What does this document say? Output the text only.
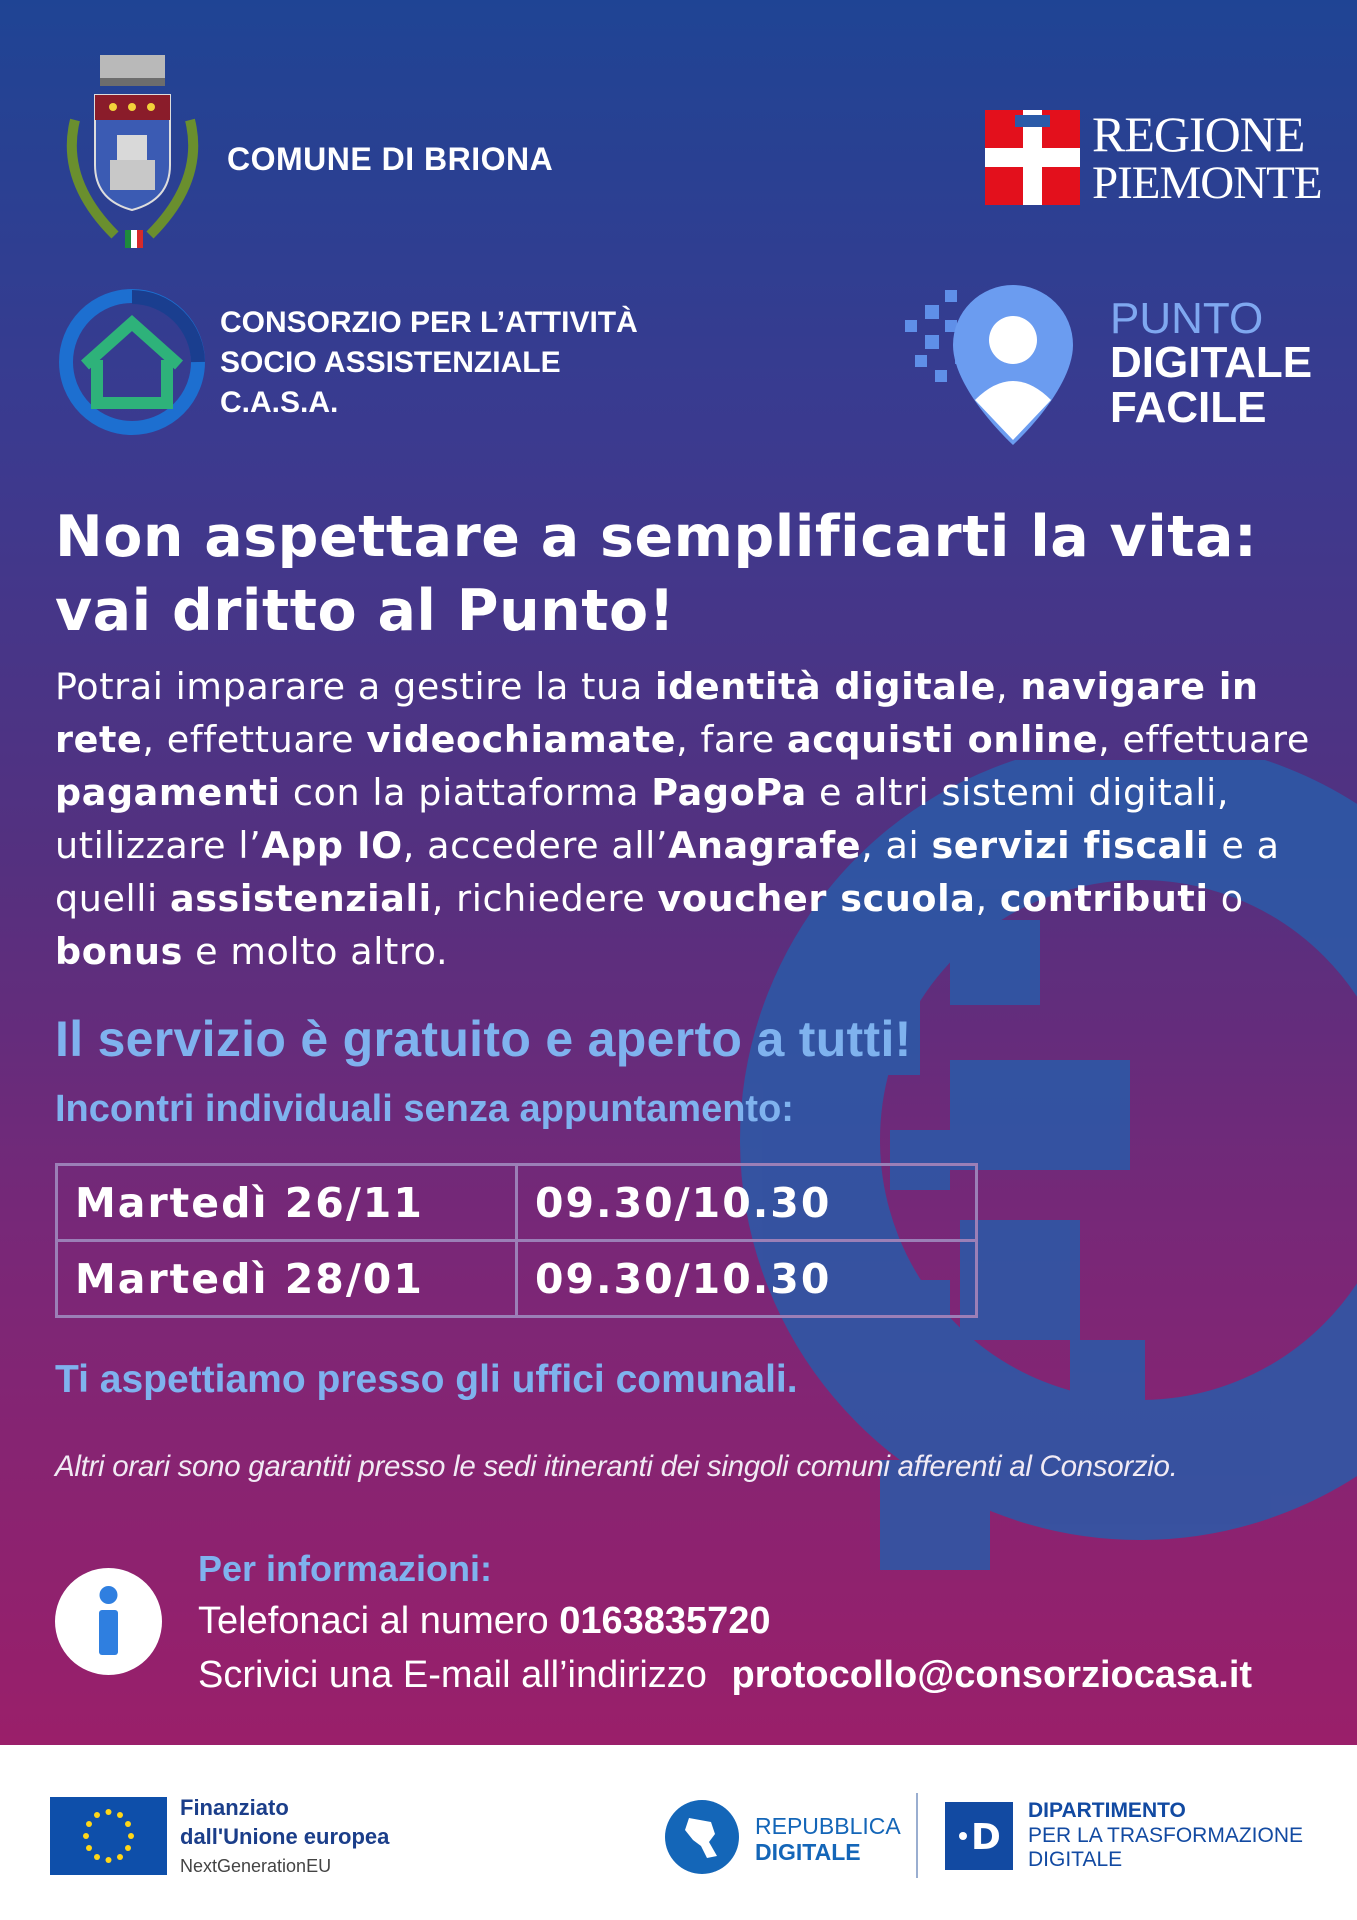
COMUNE DI BRIONA	REGIONE
PIEMONTE
CONSORZIO PER L’ATTIVITÀ
SOCIO ASSISTENZIALE
C.A.S.A.
PUNTO
DIGITALE
FACILE
Non aspettare a semplificarti la vita:
vai dritto al Punto!
Potrai imparare a gestire la tua identità digitale, navigare in rete, effettuare videochiamate, fare acquisti online, effettuare pagamenti con la piattaforma PagoPa e altri sistemi digitali, utilizzare l’App IO, accedere all’Anagrafe, ai servizi fiscali e a quelli assistenziali, richiedere voucher scuola, contributi o bonus e molto altro.
Il servizio è gratuito e aperto a tutti!
Incontri individuali senza appuntamento:
Martedì 26/11	09.30/10.30
Martedì 28/01	09.30/10.30
Ti aspettiamo presso gli uffici comunali.
Altri orari sono garantiti presso le sedi itineranti dei singoli comuni afferenti al Consorzio.
Per informazioni:
Telefonaci al numero 0163835720
Scrivici una E-mail all’indirizzo protocollo@consorziocasa.it
Finanziato
dall'Unione europea
NextGenerationEU
REPUBBLICA
DIGITALE	D
DIPARTIMENTO
PER LA TRASFORMAZIONE
DIGITALE
